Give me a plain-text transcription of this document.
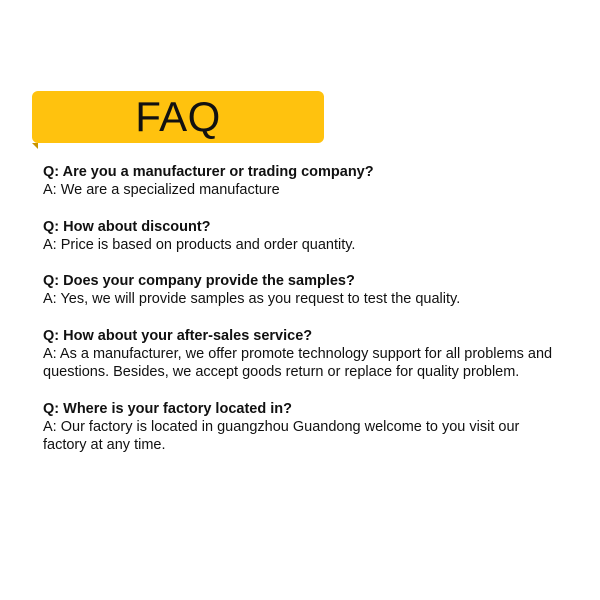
FAQ
Q: Are you a manufacturer or trading company?
A: We are a specialized manufacture
Q: How about discount?
A: Price is based on products and order quantity.
Q: Does your company provide the samples?
A: Yes, we will provide samples as you request to test the quality.
Q: How about your after-sales service?
A: As a manufacturer, we offer promote technology support for all problems and questions. Besides, we accept goods return or replace for quality problem.
Q: Where is your factory located in?
A: Our factory is located in guangzhou Guandong welcome to you visit our factory at any time.
